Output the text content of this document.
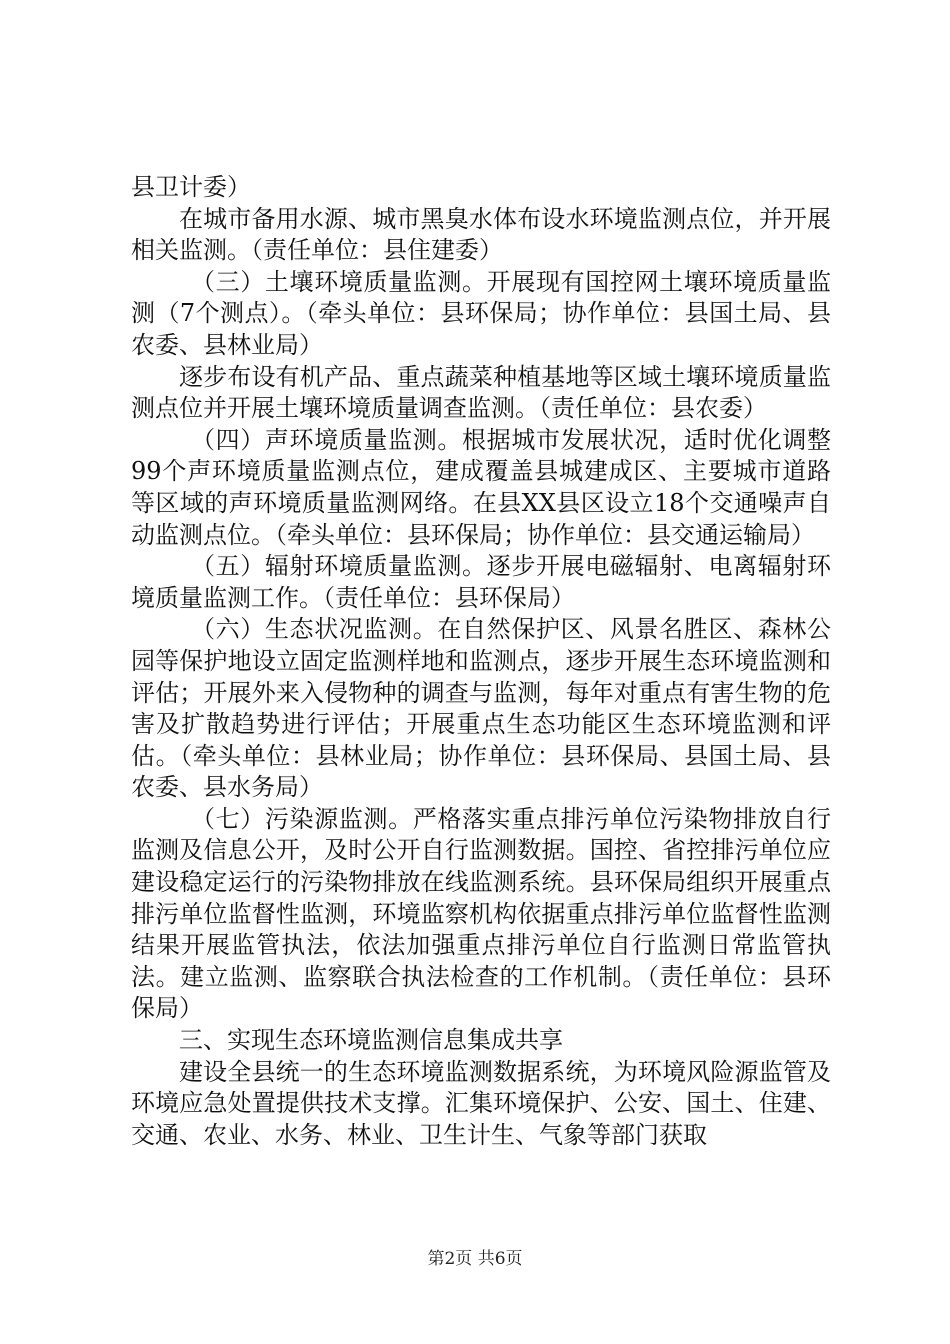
县卫计委）

在城市备用水源、城市黑臭水体布设水环境监测点位，并开展相关监测。（责任单位：县住建委）

（三）土壤环境质量监测。开展现有国控网土壤环境质量监测（7个测点）。（牵头单位：县环保局；协作单位：县国土局、县农委、县林业局）

逐步布设有机产品、重点蔬菜种植基地等区域土壤环境质量监测点位并开展土壤环境质量调查监测。（责任单位：县农委）

（四）声环境质量监测。根据城市发展状况，适时优化调整99个声环境质量监测点位，建成覆盖县城建成区、主要城市道路等区域的声环境质量监测网络。在县XX县区设立18个交通噪声自动监测点位。（牵头单位：县环保局；协作单位：县交通运输局）

（五）辐射环境质量监测。逐步开展电磁辐射、电离辐射环境质量监测工作。（责任单位：县环保局）

（六）生态状况监测。在自然保护区、风景名胜区、森林公园等保护地设立固定监测样地和监测点，逐步开展生态环境监测和评估；开展外来入侵物种的调查与监测，每年对重点有害生物的危害及扩散趋势进行评估；开展重点生态功能区生态环境监测和评估。（牵头单位：县林业局；协作单位：县环保局、县国土局、县农委、县水务局）

（七）污染源监测。严格落实重点排污单位污染物排放自行监测及信息公开，及时公开自行监测数据。国控、省控排污单位应建设稳定运行的污染物排放在线监测系统。县环保局组织开展重点排污单位监督性监测，环境监察机构依据重点排污单位监督性监测结果开展监管执法，依法加强重点排污单位自行监测日常监管执法。建立监测、监察联合执法检查的工作机制。（责任单位：县环保局）

三、实现生态环境监测信息集成共享

建设全县统一的生态环境监测数据系统，为环境风险源监管及环境应急处置提供技术支撑。汇集环境保护、公安、国土、住建、交通、农业、水务、林业、卫生计生、气象等部门获取

第2页 共6页
